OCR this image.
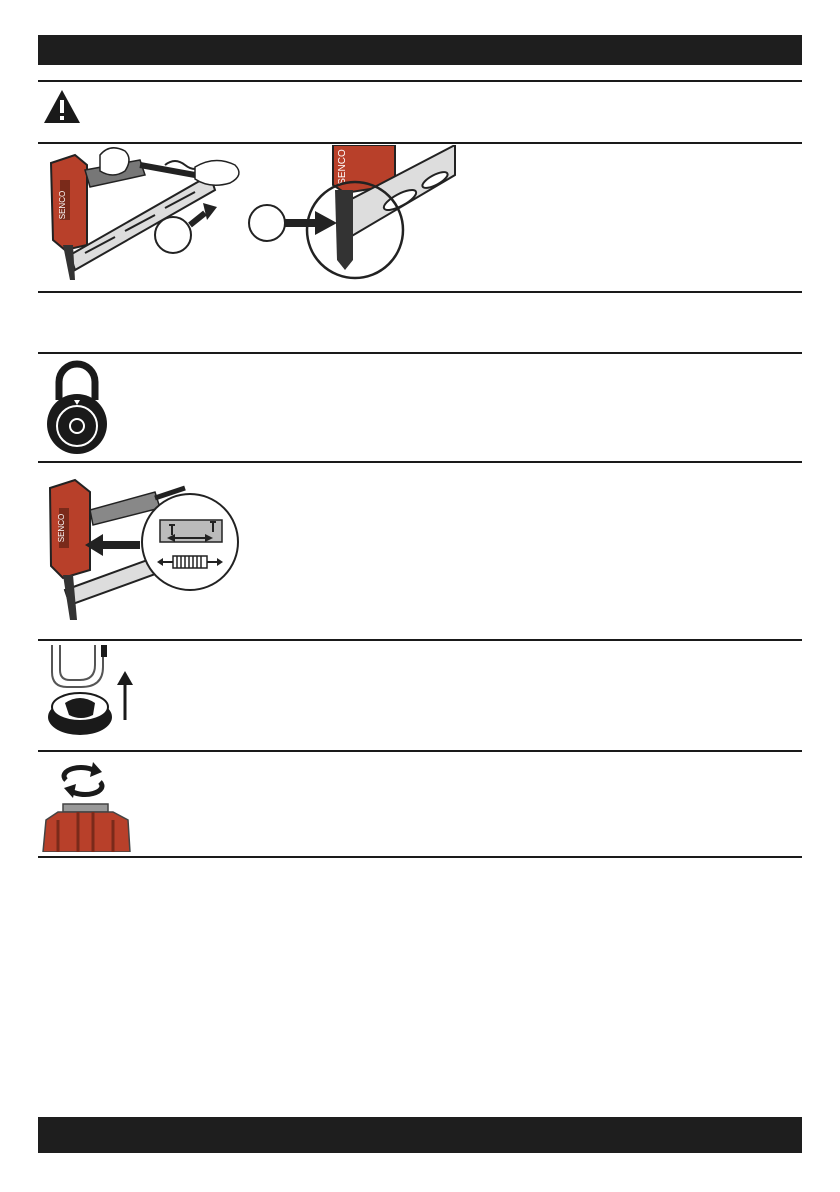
SENCO
SENCO
SENCO
